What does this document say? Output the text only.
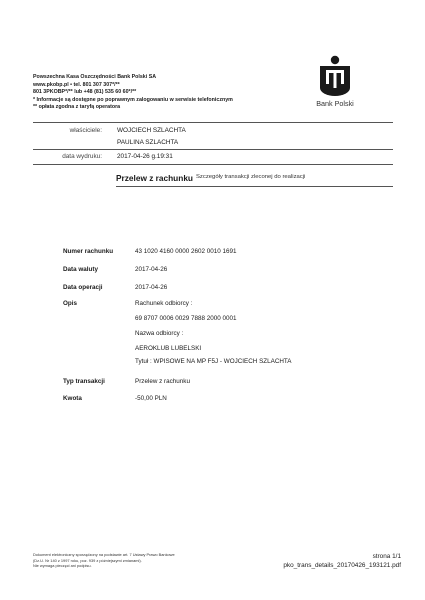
Powszechna Kasa Oszczędności Bank Polski SA
www.pkobp.pl • tel. 801 307 307*/**
801 3PKOBP*/** lub +48 (81) 535 60 60*/**
* Informacje są dostępne po poprawnym zalogowaniu w serwisie telefonicznym
** opłata zgodna z taryfą operatora	Bank Polski
właściciele: WOJCIECH SZLACHTA
PAULINA SZLACHTA
data wydruku: 2017-04-26 g.19:31
Przelew z rachunku Szczegóły transakcji zleconej do realizacji
Numer rachunku	43 1020 4160 0000 2602 0010 1691
Data waluty	2017-04-26
Data operacji	2017-04-26
Opis	Rachunek odbiorcy :
69 8707 0006 0029 7888 2000 0001
Nazwa odbiorcy :
AEROKLUB LUBELSKI
Tytuł : WPISOWE NA MP F5J - WOJCIECH SZLACHTA
Typ transakcji	Przelew z rachunku
Kwota	-50,00 PLN
Dokument elektroniczny sporządzony na podstawie art. 7 Ustawy Prawo Bankowe
(Dz.U. Nr 140 z 1997 roku, poz. 939 z późniejszymi zmianami).
Nie wymaga pieczęci ani podpisu.
strona 1/1
pko_trans_details_20170426_193121.pdf
